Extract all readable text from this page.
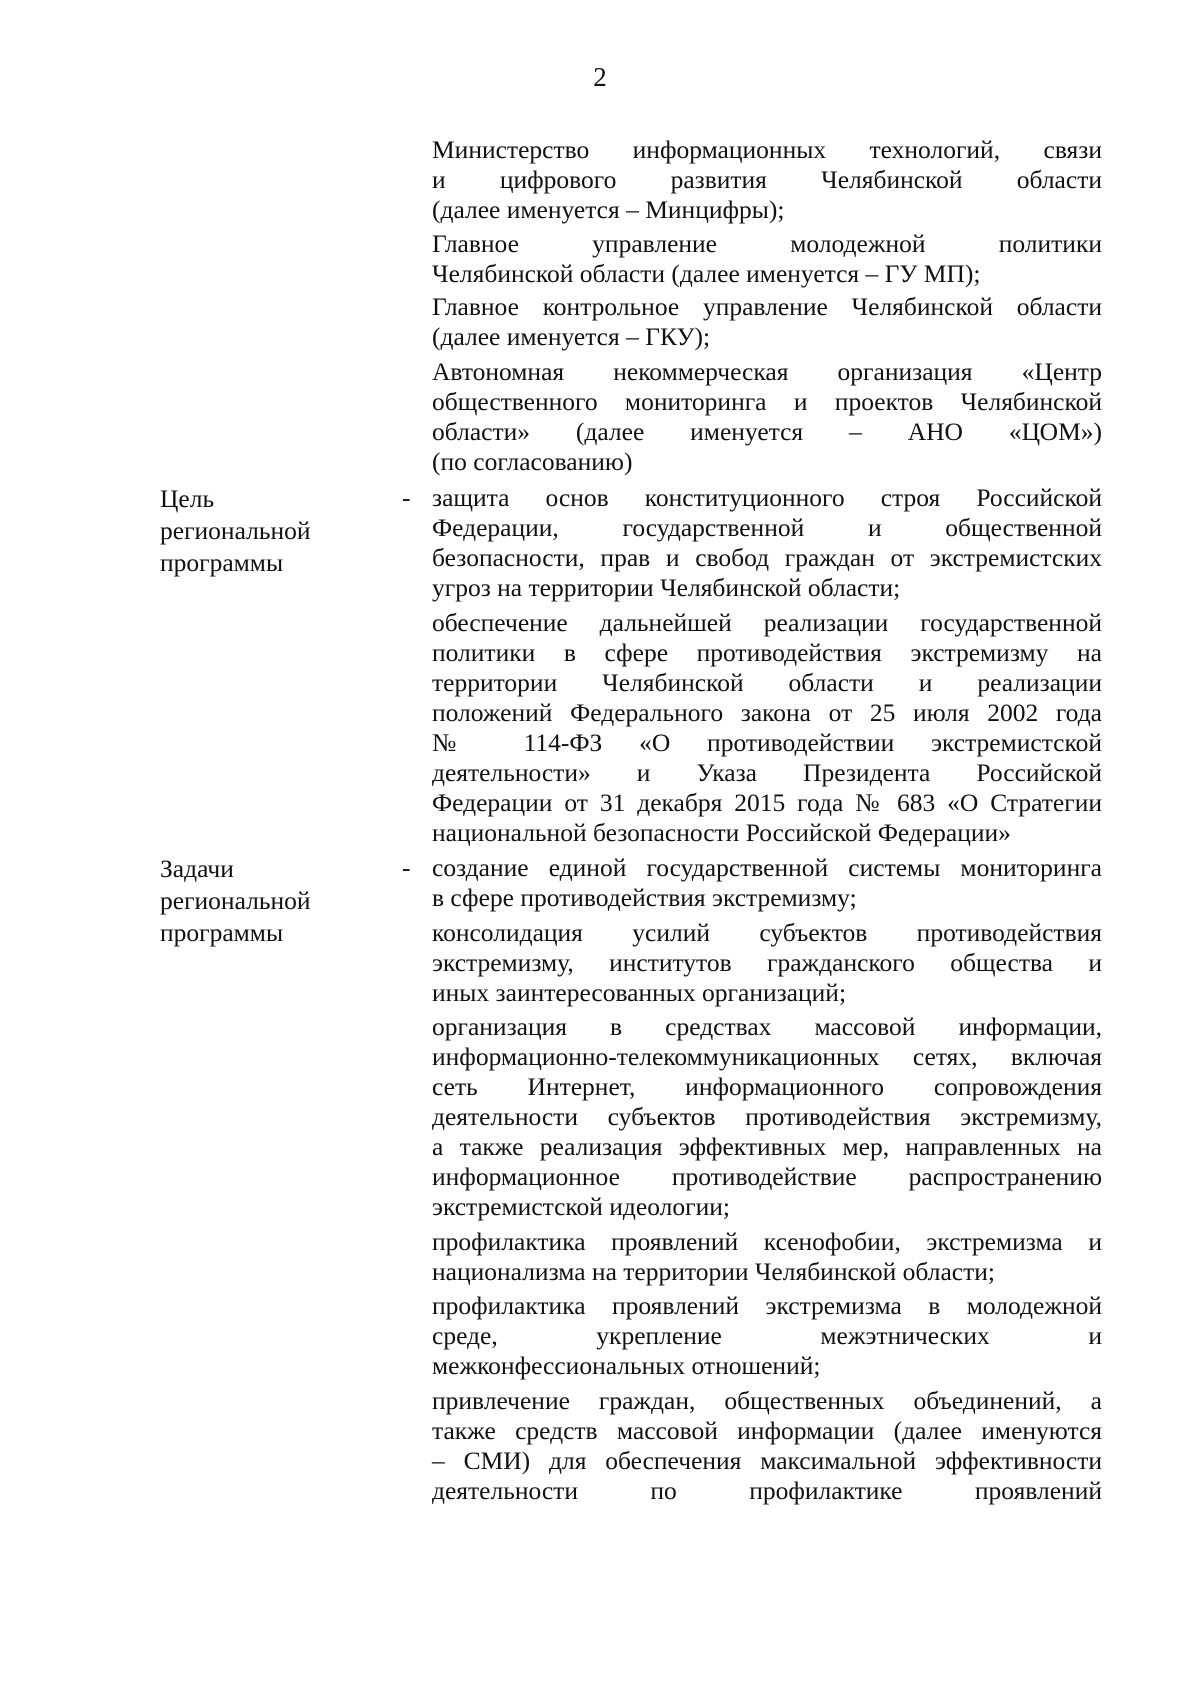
2
Министерство информационных технологий, связи
и цифрового развития Челябинской области
(далее именуется – Минцифры);
Главное управление молодежной политики
Челябинской области (далее именуется – ГУ МП);
Главное контрольное управление Челябинской области
(далее именуется – ГКУ);
Автономная некоммерческая организация «Центр
общественного мониторинга и проектов Челябинской
области» (далее именуется – АНО «ЦОМ»)
(по согласованию)
Цель
региональной
программы
- защита основ конституционного строя Российской
Федерации, государственной и общественной
безопасности, прав и свобод граждан от экстремистских
угроз на территории Челябинской области;
обеспечение дальнейшей реализации государственной
политики в сфере противодействия экстремизму на
территории Челябинской области и реализации
положений Федерального закона от 25 июля 2002 года
№ 114-ФЗ «О противодействии экстремистской
деятельности» и Указа Президента Российской
Федерации от 31 декабря 2015 года № 683 «О Стратегии
национальной безопасности Российской Федерации»
Задачи
региональной
программы
- создание единой государственной системы мониторинга
в сфере противодействия экстремизму;
консолидация усилий субъектов противодействия
экстремизму, институтов гражданского общества и
иных заинтересованных организаций;
организация в средствах массовой информации,
информационно-телекоммуникационных сетях, включая
сеть Интернет, информационного сопровождения
деятельности субъектов противодействия экстремизму,
а также реализация эффективных мер, направленных на
информационное противодействие распространению
экстремистской идеологии;
профилактика проявлений ксенофобии, экстремизма и
национализма на территории Челябинской области;
профилактика проявлений экстремизма в молодежной
среде, укрепление межэтнических и
межконфессиональных отношений;
привлечение граждан, общественных объединений, а
также средств массовой информации (далее именуются
– СМИ) для обеспечения максимальной эффективности
деятельности по профилактике проявлений
